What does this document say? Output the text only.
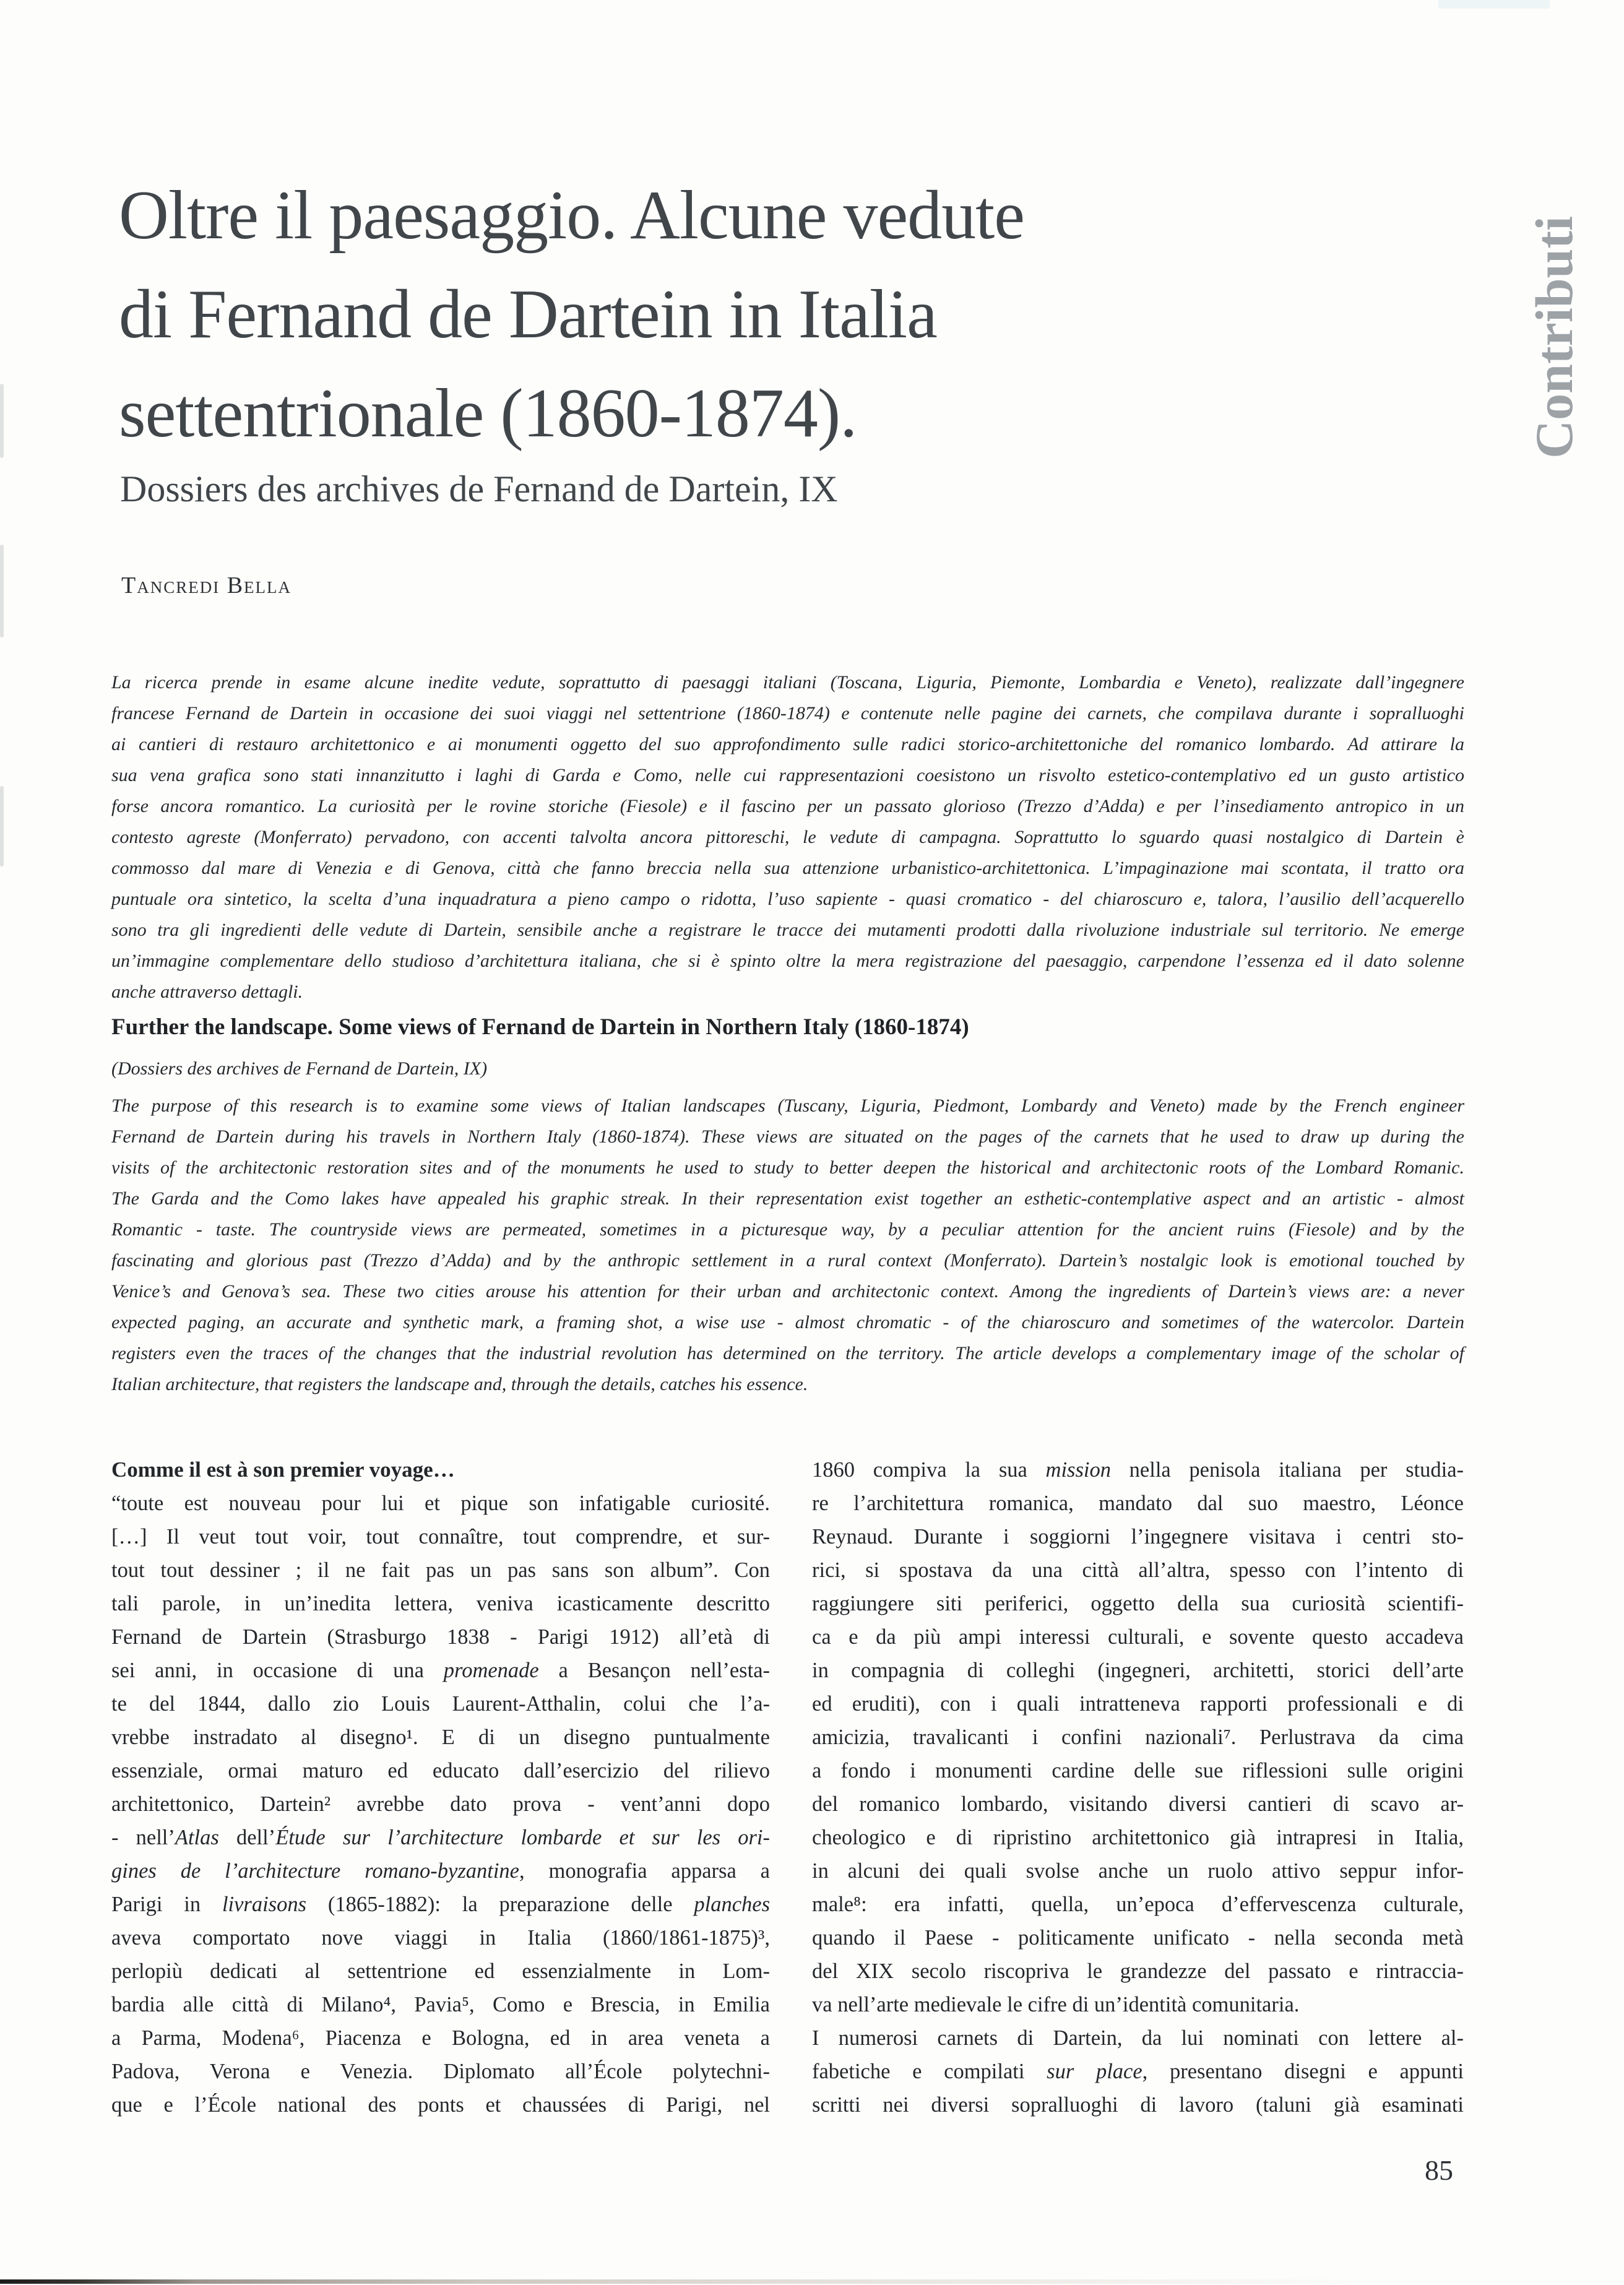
Oltre il paesaggio. Alcune vedute
di Fernand de Dartein in Italia
settentrionale (1860-1874).
Dossiers des archives de Fernand de Dartein, IX
Tancredi Bella
Contributi
La ricerca prende in esame alcune inedite vedute, soprattutto di paesaggi italiani (Toscana, Liguria, Piemonte, Lombardia e Veneto), realizzate dall’ingegnere
francese Fernand de Dartein in occasione dei suoi viaggi nel settentrione (1860-1874) e contenute nelle pagine dei carnets, che compilava durante i sopralluoghi
ai cantieri di restauro architettonico e ai monumenti oggetto del suo approfondimento sulle radici storico-architettoniche del romanico lombardo. Ad attirare la
sua vena grafica sono stati innanzitutto i laghi di Garda e Como, nelle cui rappresentazioni coesistono un risvolto estetico-contemplativo ed un gusto artistico
forse ancora romantico. La curiosità per le rovine storiche (Fiesole) e il fascino per un passato glorioso (Trezzo d’Adda) e per l’insediamento antropico in un
contesto agreste (Monferrato) pervadono, con accenti talvolta ancora pittoreschi, le vedute di campagna. Soprattutto lo sguardo quasi nostalgico di Dartein è
commosso dal mare di Venezia e di Genova, città che fanno breccia nella sua attenzione urbanistico-architettonica. L’impaginazione mai scontata, il tratto ora
puntuale ora sintetico, la scelta d’una inquadratura a pieno campo o ridotta, l’uso sapiente - quasi cromatico - del chiaroscuro e, talora, l’ausilio dell’acquerello
sono tra gli ingredienti delle vedute di Dartein, sensibile anche a registrare le tracce dei mutamenti prodotti dalla rivoluzione industriale sul territorio. Ne emerge
un’immagine complementare dello studioso d’architettura italiana, che si è spinto oltre la mera registrazione del paesaggio, carpendone l’essenza ed il dato solenne
anche attraverso dettagli.
Further the landscape. Some views of Fernand de Dartein in Northern Italy (1860-1874)
(Dossiers des archives de Fernand de Dartein, IX)
The purpose of this research is to examine some views of Italian landscapes (Tuscany, Liguria, Piedmont, Lombardy and Veneto) made by the French engineer
Fernand de Dartein during his travels in Northern Italy (1860-1874). These views are situated on the pages of the carnets that he used to draw up during the
visits of the architectonic restoration sites and of the monuments he used to study to better deepen the historical and architectonic roots of the Lombard Romanic.
The Garda and the Como lakes have appealed his graphic streak. In their representation exist together an esthetic-contemplative aspect and an artistic - almost
Romantic - taste. The countryside views are permeated, sometimes in a picturesque way, by a peculiar attention for the ancient ruins (Fiesole) and by the
fascinating and glorious past (Trezzo d’Adda) and by the anthropic settlement in a rural context (Monferrato). Dartein’s nostalgic look is emotional touched by
Venice’s and Genova’s sea. These two cities arouse his attention for their urban and architectonic context. Among the ingredients of Dartein’s views are: a never
expected paging, an accurate and synthetic mark, a framing shot, a wise use - almost chromatic - of the chiaroscuro and sometimes of the watercolor. Dartein
registers even the traces of the changes that the industrial revolution has determined on the territory. The article develops a complementary image of the scholar of
Italian architecture, that registers the landscape and, through the details, catches his essence.
Comme il est à son premier voyage…
“toute est nouveau pour lui et pique son infatigable curiosité.
[…] Il veut tout voir, tout connaître, tout comprendre, et sur-
tout tout dessiner ; il ne fait pas un pas sans son album”. Con
tali parole, in un’inedita lettera, veniva icasticamente descritto
Fernand de Dartein (Strasburgo 1838 - Parigi 1912) all’età di
sei anni, in occasione di una promenade a Besançon nell’esta-
te del 1844, dallo zio Louis Laurent-Atthalin, colui che l’a-
vrebbe instradato al disegno¹. E di un disegno puntualmente
essenziale, ormai maturo ed educato dall’esercizio del rilievo
architettonico, Dartein² avrebbe dato prova - vent’anni dopo
- nell’Atlas dell’Étude sur l’architecture lombarde et sur les ori-
gines de l’architecture romano-byzantine, monografia apparsa a
Parigi in livraisons (1865-1882): la preparazione delle planches
aveva comportato nove viaggi in Italia (1860/1861-1875)³,
perlopiù dedicati al settentrione ed essenzialmente in Lom-
bardia alle città di Milano⁴, Pavia⁵, Como e Brescia, in Emilia
a Parma, Modena⁶, Piacenza e Bologna, ed in area veneta a
Padova, Verona e Venezia. Diplomato all’École polytechni-
que e l’École national des ponts et chaussées di Parigi, nel
1860 compiva la sua mission nella penisola italiana per studia-
re l’architettura romanica, mandato dal suo maestro, Léonce
Reynaud. Durante i soggiorni l’ingegnere visitava i centri sto-
rici, si spostava da una città all’altra, spesso con l’intento di
raggiungere siti periferici, oggetto della sua curiosità scientifi-
ca e da più ampi interessi culturali, e sovente questo accadeva
in compagnia di colleghi (ingegneri, architetti, storici dell’arte
ed eruditi), con i quali intratteneva rapporti professionali e di
amicizia, travalicanti i confini nazionali⁷. Perlustrava da cima
a fondo i monumenti cardine delle sue riflessioni sulle origini
del romanico lombardo, visitando diversi cantieri di scavo ar-
cheologico e di ripristino architettonico già intrapresi in Italia,
in alcuni dei quali svolse anche un ruolo attivo seppur infor-
male⁸: era infatti, quella, un’epoca d’effervescenza culturale,
quando il Paese - politicamente unificato - nella seconda metà
del XIX secolo riscopriva le grandezze del passato e rintraccia-
va nell’arte medievale le cifre di un’identità comunitaria.
I numerosi carnets di Dartein, da lui nominati con lettere al-
fabetiche e compilati sur place, presentano disegni e appunti
scritti nei diversi sopralluoghi di lavoro (taluni già esaminati
85
